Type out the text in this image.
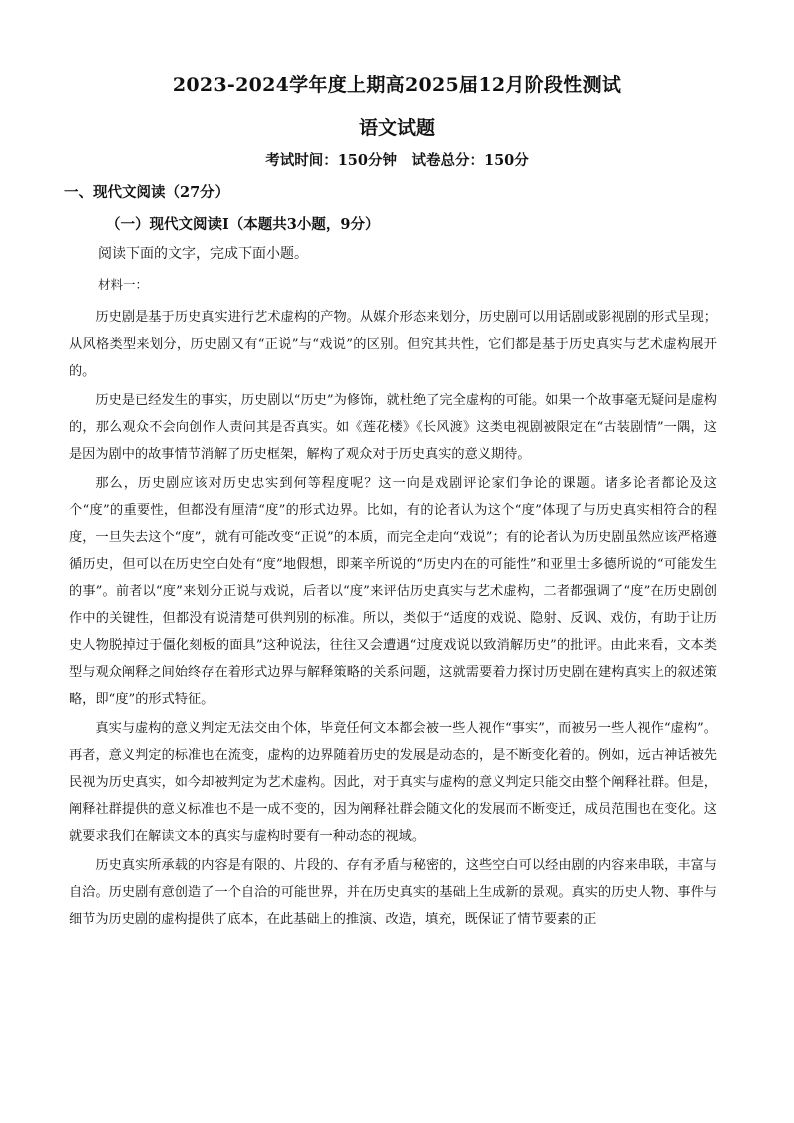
2023-2024学年度上期高2025届12月阶段性测试
语文试题
考试时间：150分钟　试卷总分：150分
一、现代文阅读（27分）
（一）现代文阅读Ⅰ（本题共3小题，9分）
阅读下面的文字，完成下面小题。
材料一：

历史剧是基于历史真实进行艺术虚构的产物。从媒介形态来划分，历史剧可以用话剧或影视剧的形式呈现；从风格类型来划分，历史剧又有“正说”与“戏说”的区别。但究其共性，它们都是基于历史真实与艺术虚构展开的。

历史是已经发生的事实，历史剧以“历史”为修饰，就杜绝了完全虚构的可能。如果一个故事毫无疑问是虚构的，那么观众不会向创作人责问其是否真实。如《莲花楼》《长风渡》这类电视剧被限定在“古装剧情”一隅，这是因为剧中的故事情节消解了历史框架，解构了观众对于历史真实的意义期待。

那么，历史剧应该对历史忠实到何等程度呢？这一向是戏剧评论家们争论的课题。诸多论者都论及这个“度”的重要性，但都没有厘清“度”的形式边界。比如，有的论者认为这个“度”体现了与历史真实相符合的程度，一旦失去这个“度”，就有可能改变“正说”的本质，而完全走向“戏说”；有的论者认为历史剧虽然应该严格遵循历史，但可以在历史空白处有“度”地假想，即莱辛所说的“历史内在的可能性”和亚里士多德所说的“可能发生的事”。前者以“度”来划分正说与戏说，后者以“度”来评估历史真实与艺术虚构，二者都强调了“度”在历史剧创作中的关键性，但都没有说清楚可供判别的标准。所以，类似于“适度的戏说、隐射、反讽、戏仿，有助于让历史人物脱掉过于僵化刻板的面具”这种说法，往往又会遭遇“过度戏说以致消解历史”的批评。由此来看，文本类型与观众阐释之间始终存在着形式边界与解释策略的关系问题，这就需要着力探讨历史剧在建构真实上的叙述策略，即“度”的形式特征。

真实与虚构的意义判定无法交由个体，毕竟任何文本都会被一些人视作“事实”，而被另一些人视作“虚构”。再者，意义判定的标准也在流变，虚构的边界随着历史的发展是动态的，是不断变化着的。例如，远古神话被先民视为历史真实，如今却被判定为艺术虚构。因此，对于真实与虚构的意义判定只能交由整个阐释社群。但是，阐释社群提供的意义标准也不是一成不变的，因为阐释社群会随文化的发展而不断变迁，成员范围也在变化。这就要求我们在解读文本的真实与虚构时要有一种动态的视域。

历史真实所承载的内容是有限的、片段的、存有矛盾与秘密的，这些空白可以经由剧的内容来串联，丰富与自洽。历史剧有意创造了一个自洽的可能世界，并在历史真实的基础上生成新的景观。真实的历史人物、事件与细节为历史剧的虚构提供了底本，在此基础上的推演、改造，填充，既保证了情节要素的正
